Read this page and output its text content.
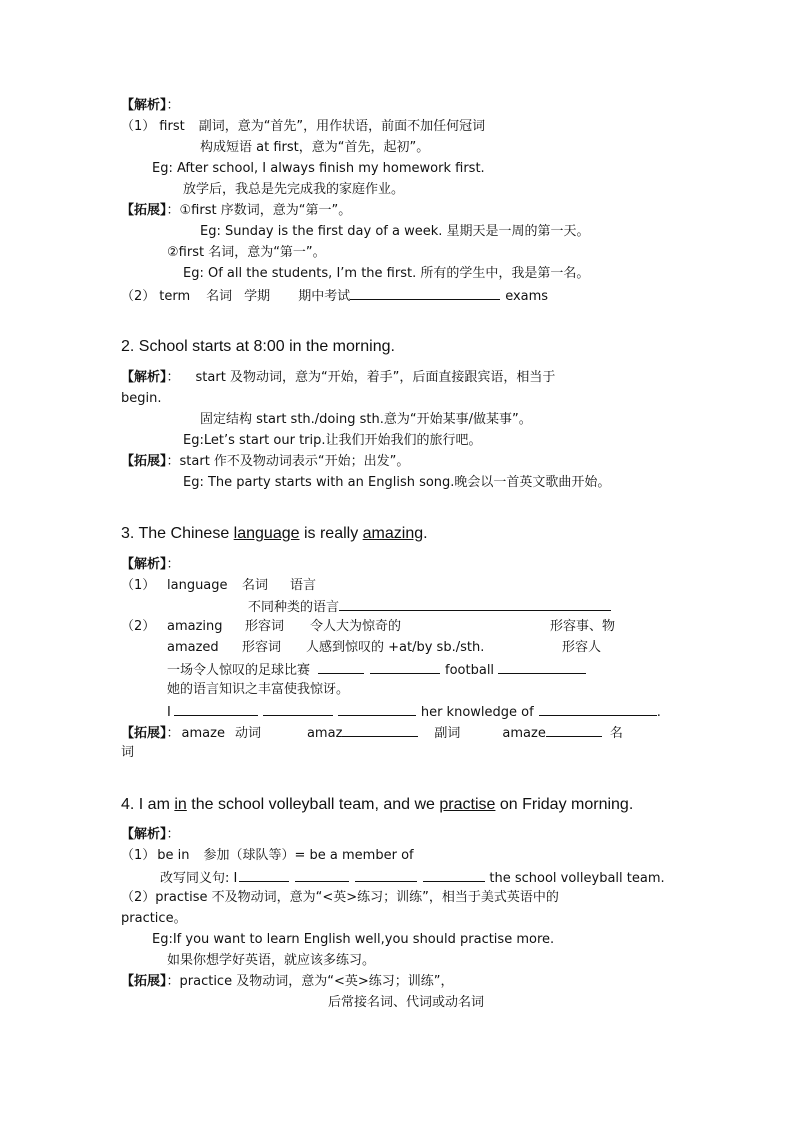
【解析】：
（1） first 副词，意为“首先”，用作状语，前面不加任何冠词
构成短语 at first，意为“首先，起初”。
Eg: After school, I always finish my homework first.
放学后，我总是先完成我的家庭作业。
【拓展】：①first 序数词，意为“第一”。
Eg: Sunday is the first day of a week. 星期天是一周的第一天。
②first 名词，意为“第一”。
Eg: Of all the students, I’m the first. 所有的学生中，我是第一名。
（2） term 名词 学期 期中考试	exams
2. School starts at 8:00 in the morning.
【解析】： start 及物动词，意为“开始，着手”，后面直接跟宾语，相当于
begin.
固定结构 start sth./doing sth.意为“开始某事/做某事”。
Eg:Let’s start our trip.让我们开始我们的旅行吧。
【拓展】：start 作不及物动词表示“开始；出发”。
Eg: The party starts with an English song.晚会以一首英文歌曲开始。
3. The Chinese language is really amazing.
【解析】：
（1） language 名词 语言
不同种类的语言
（2） amazing 形容词 令人大为惊奇的	形容事、物
amazed 形容词 人感到惊叹的 +at/by sb./sth.	形容人
一场令人惊叹的足球比赛	football
她的语言知识之丰富使我惊讶。
I	her knowledge of	.
【拓展】： amaze 动词	amaz	副词	amaze	名
词
4. I am in the school volleyball team, and we practise on Friday morning.
【解析】：
（1） be in 参加（球队等）= be a member of
改写同义句: I	the school volleyball team.
（2）practise 不及物动词，意为“<英>练习；训练”，相当于美式英语中的
practice。
Eg:If you want to learn English well,you should practise more.
如果你想学好英语，就应该多练习。
【拓展】：practice 及物动词，意为“<英>练习；训练”，
后常接名词、代词或动名词
